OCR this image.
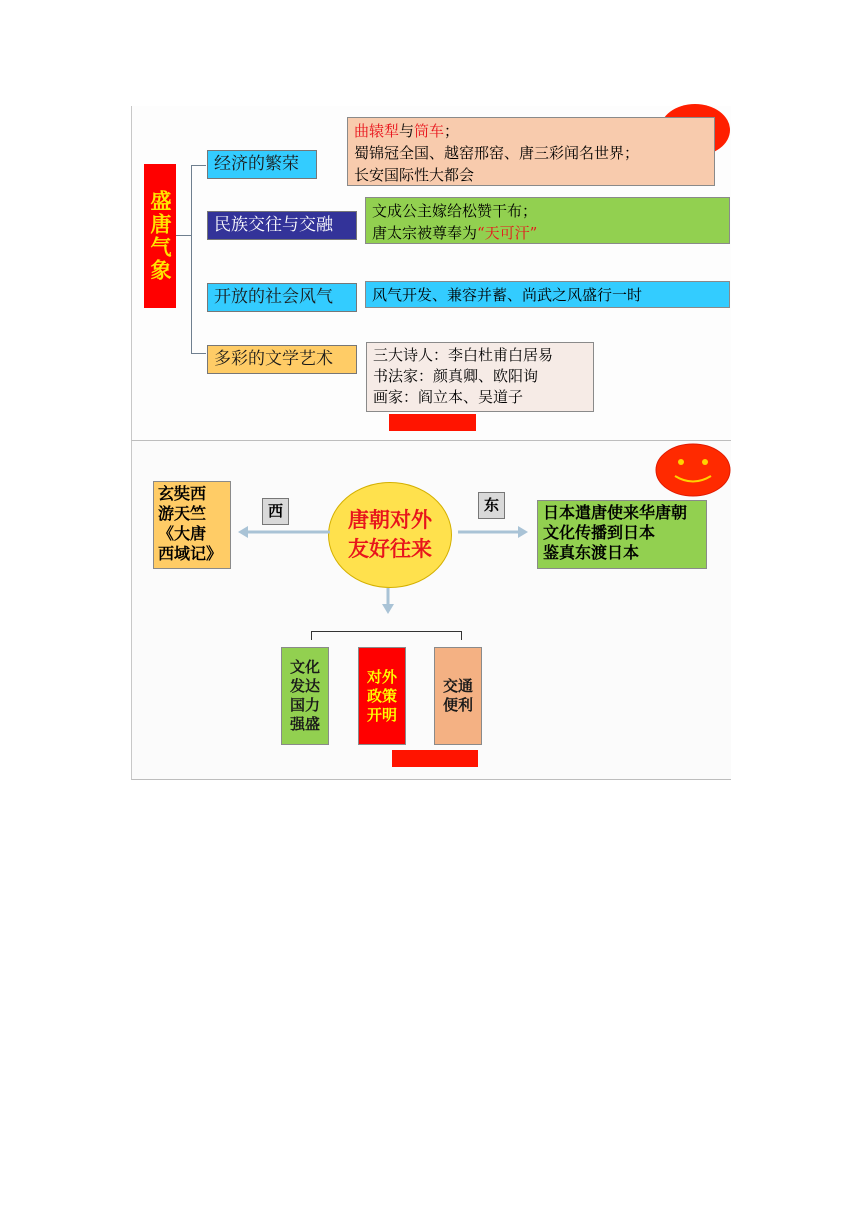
盛唐气象
经济的繁荣
民族交往与交融
开放的社会风气
多彩的文学艺术
曲辕犁与筒车；
蜀锦冠全国、越窑邢窑、唐三彩闻名世界；
长安国际性大都会
文成公主嫁给松赞干布；
唐太宗被尊奉为“天可汗”
风气开发、兼容并蓄、尚武之风盛行一时
三大诗人：李白杜甫白居易
书法家：颜真卿、欧阳询
画家：阎立本、吴道子
唐朝对外友好往来
西	东
玄奘西
游天竺
《大唐
西域记》
日本遣唐使来华唐朝
文化传播到日本
鉴真东渡日本
文化
发达
国力
强盛
对外
政策
开明
交通
便利
